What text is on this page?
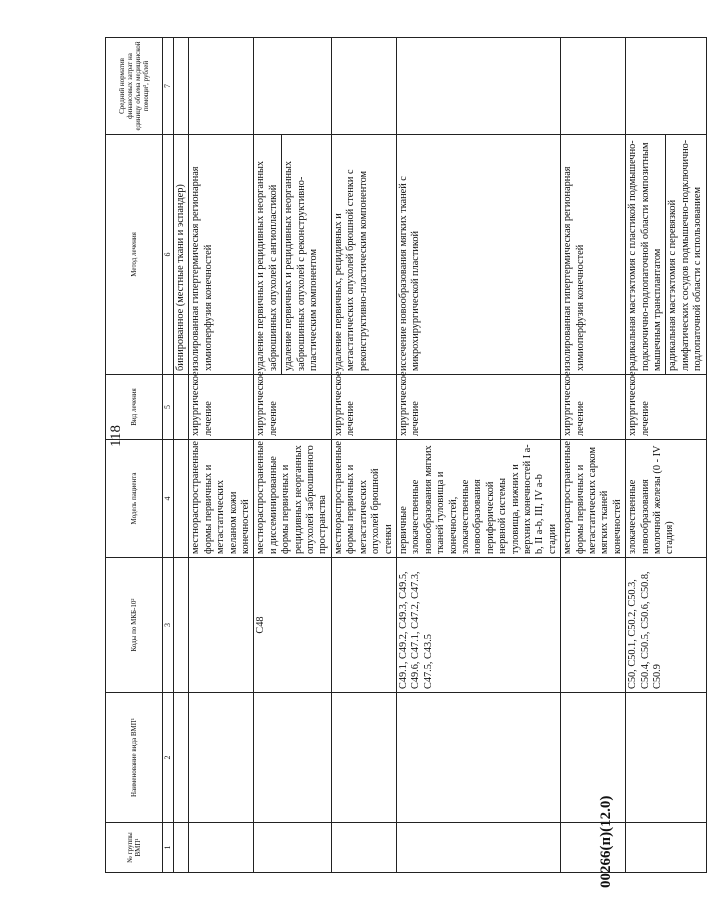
118
00266(п)(12.0)
№ группы ВМП¹	Наименование вида ВМП¹	Коды по МКБ-10²	Модель пациента	Вид лечения	Метод лечения	Средний норматив финансовых затрат на единицу объема медицинской помощи³, рублей
1	2	3	4	5	6	7

					бинированное (местные ткани и эспандер)	

			местнораспространенные формы первичных и метастатических меланом кожи конечностей	хирургическое лечение	изолированная гипертермическая регионарная химиоперфузия конечностей	

		C48	местнораспространенные и диссеминированные формы первичных и рецидивных неорганных опухолей забрюшинного пространства	хирургическое лечение	удаление первичных и рецидивных неорганных забрюшинных опухолей с ангиопластикой удаление первичных и рецидивных неорганных забрюшинных опухолей с реконструктивно-пластическим компонентом	

			местнораспространенные формы первичных и метастатических опухолей брюшной стенки	хирургическое лечение	удаление первичных, рецидивных и метастатических опухолей брюшной стенки с реконструктивно-пластическим компонентом	

		C49.1, C49.2, C49.3, C49.5, C49.6, C47.1, C47.2, C47.3, C47.5, C43.5	первичные злокачественные новообразования мягких тканей туловища и конечностей, злокачественные новообразования периферической нервной системы туловища, нижних и верхних конечностей I a-b, II a-b, III, IV a-b стадии	хирургическое лечение	иссечение новообразования мягких тканей с микрохирургической пластикой	

			местнораспространенные формы первичных и метастатических сарком мягких тканей конечностей	хирургическое лечение	изолированная гипертермическая регионарная химиоперфузия конечностей	

		C50, C50.1, C50.2, C50.3, C50.4, C50.5, C50.6, C50.8, C50.9	злокачественные новообразования молочной железы (0 - IV стадия)	хирургическое лечение	радикальная мастэктомия с пластикой подмышечно-подключично-подлопаточной области композитным мышечным трансплантатом радикальная мастэктомия с перевязкой лимфатических сосудов подмышечно-подключично-подлопаточной области с использованием	
